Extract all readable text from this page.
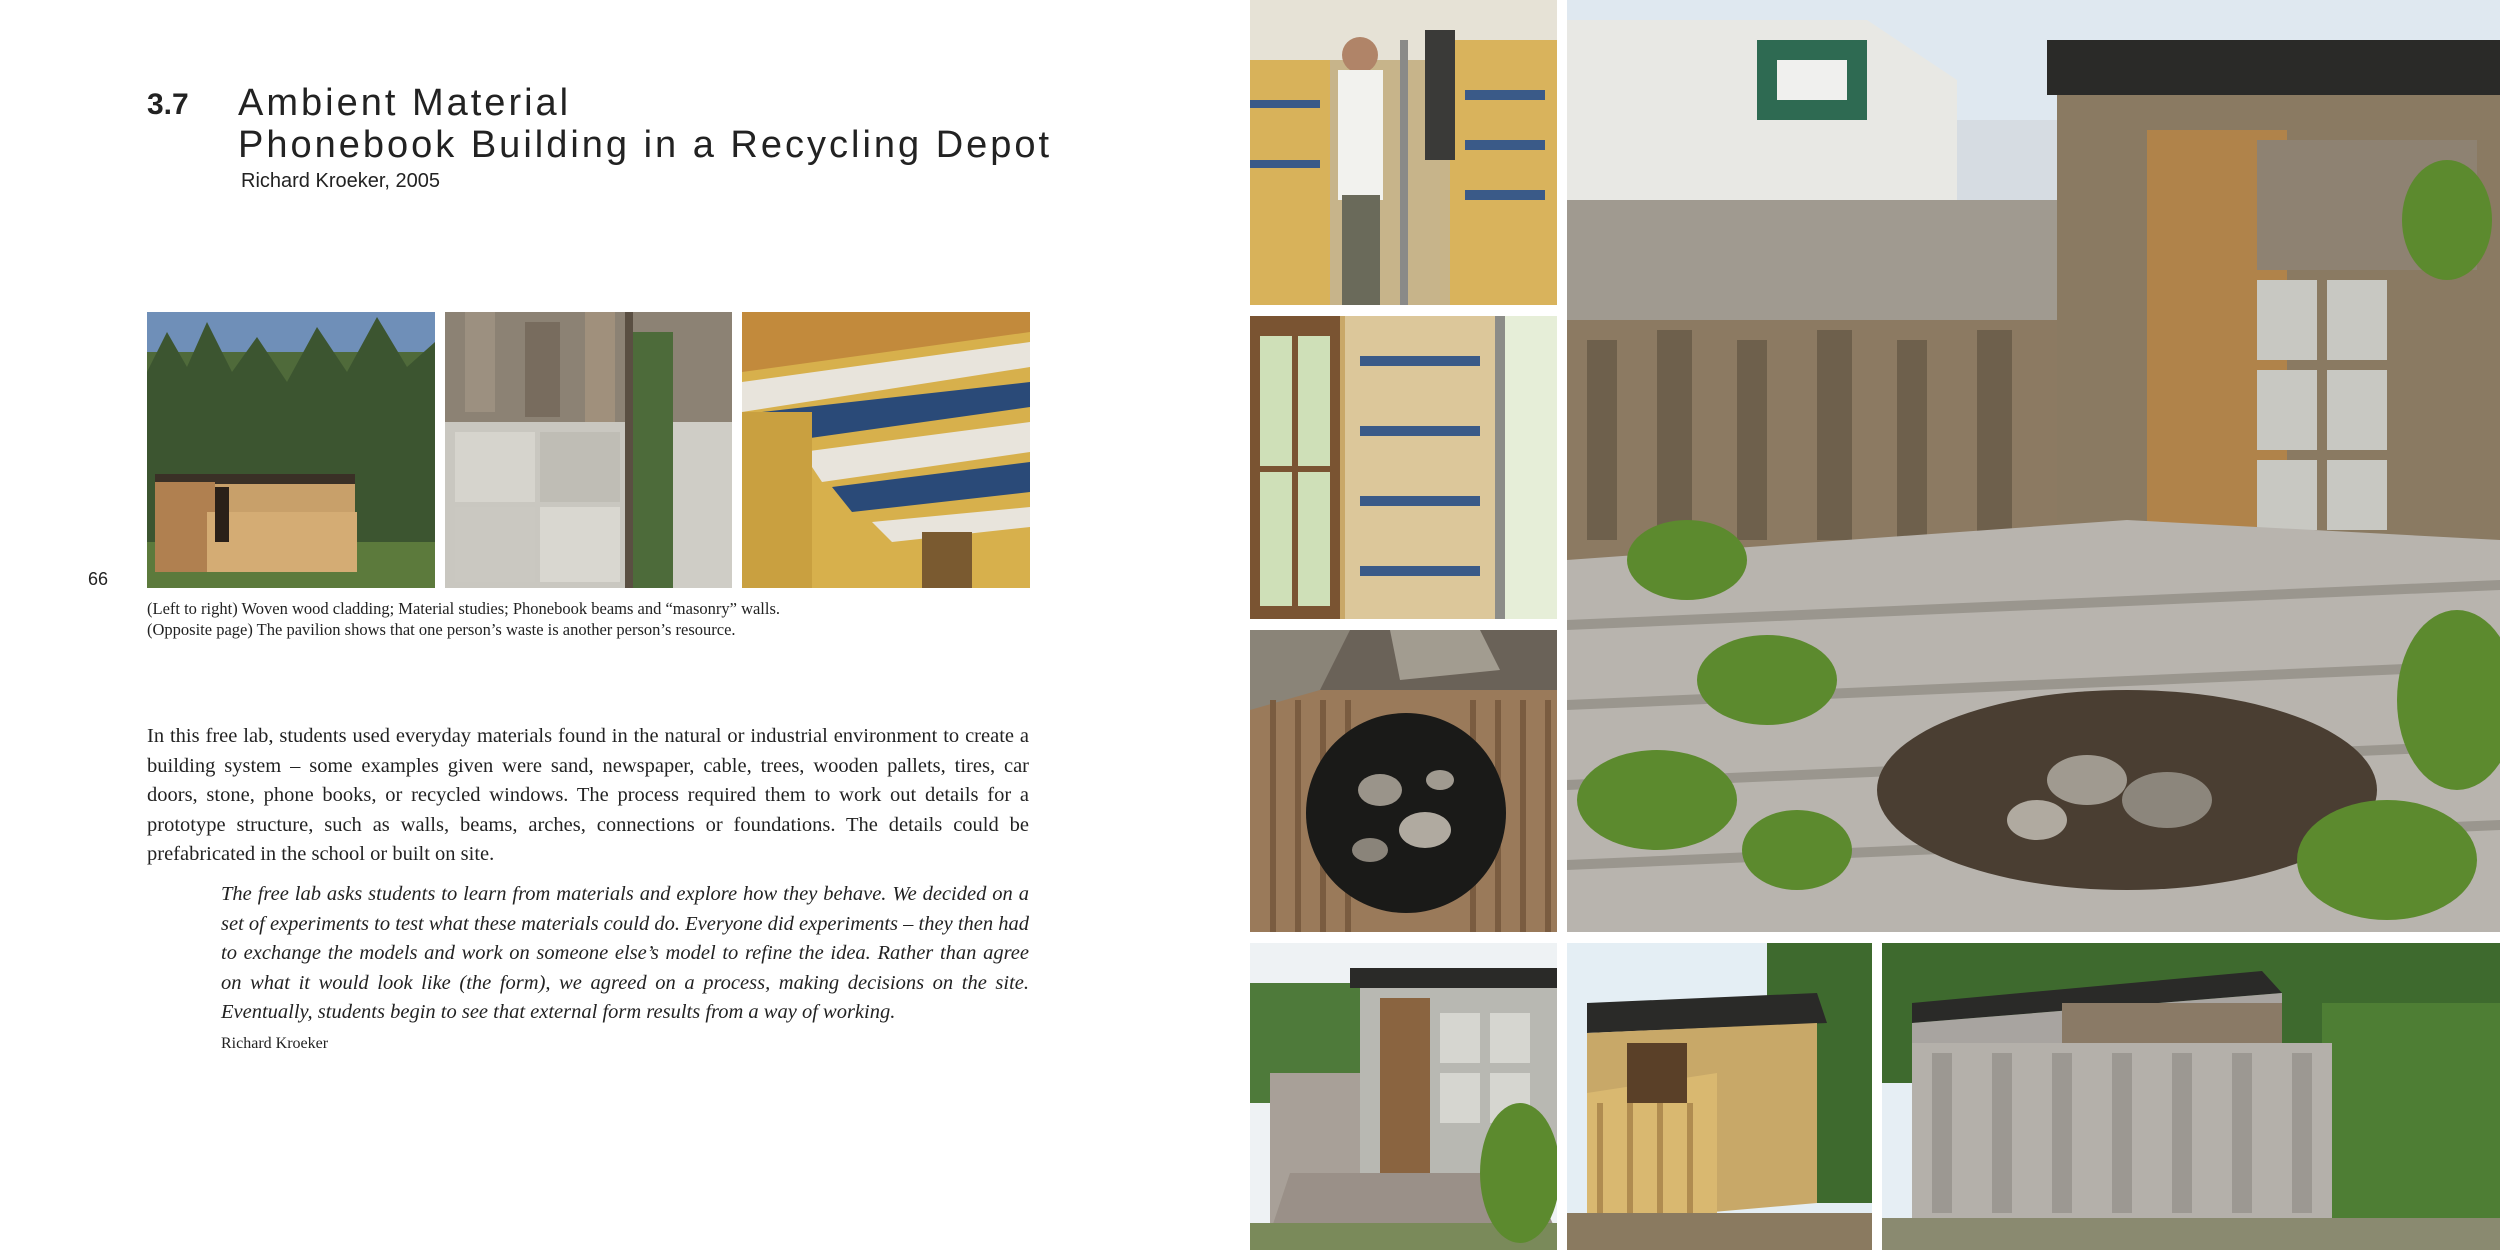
3.7 Ambient Material
Phonebook Building in a Recycling Depot
Richard Kroeker, 2005
66
(Left to right) Woven wood cladding; Material studies; Phonebook beams and “masonry” walls.
(Opposite page) The pavilion shows that one person’s waste is another person’s resource.
In this free lab, students used everyday materials found in the natural or industrial environment to create a building system – some examples given were sand, newspaper, cable, trees, wooden pallets, tires, car doors, stone, phone books, or recycled windows. The process required them to work out details for a prototype structure, such as walls, beams, arches, connections or foundations. The details could be prefabricated in the school or built on site.
The free lab asks students to learn from materials and explore how they behave. We decided on a set of experiments to test what these materials could do. Everyone did experiments – they then had to exchange the models and work on someone else’s model to refine the idea. Rather than agree on what it would look like (the form), we agreed on a process, making decisions on the site. Eventually, students begin to see that external form results from a way of working.
Richard Kroeker
